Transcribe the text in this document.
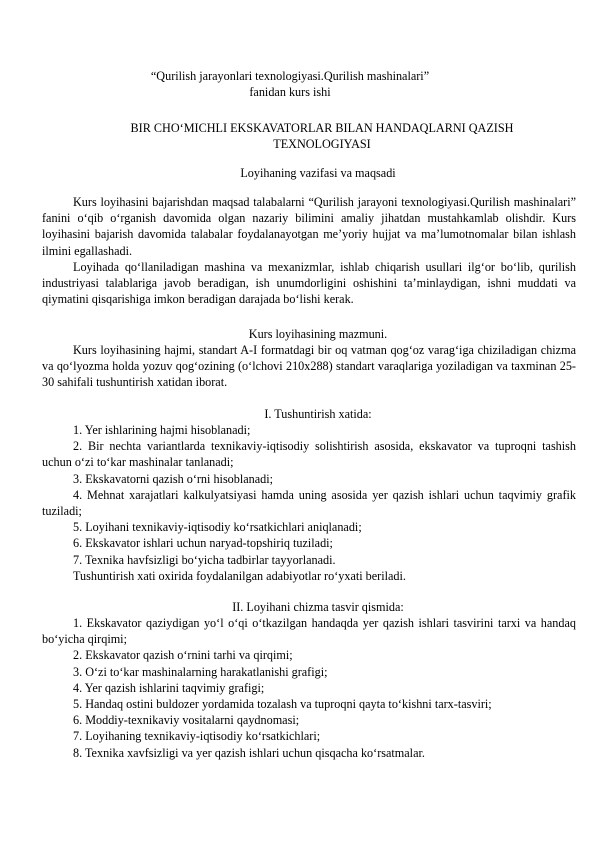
“Qurilish jarayonlari texnologiyasi.Qurilish mashinalari”

fanidan kurs ishi

BIR CHO‘MICHLI EKSKAVATORLAR BILAN HANDAQLARNI QAZISH

TEXNOLOGIYASI

Loyihaning vazifasi va maqsadi

Kurs loyihasini bajarishdan maqsad talabalarni “Qurilish jarayoni texnologiyasi.Qurilish mashinalari” fanini o‘qib o‘rganish davomida olgan nazariy bilimini amaliy jihatdan mustahkamlab olishdir. Kurs loyihasini bajarish davomida talabalar foydalanayotgan me’yoriy hujjat va ma’lumotnomalar bilan ishlash ilmini egallashadi.

Loyihada qo‘llaniladigan mashina va mexanizmlar, ishlab chiqarish usullari ilg‘or bo‘lib, qurilish industriyasi talablariga javob beradigan, ish unumdorligini oshishini ta’minlaydigan, ishni muddati va qiymatini qisqarishiga imkon beradigan darajada bo‘lishi kerak.

Kurs loyihasining mazmuni.

Kurs loyihasining hajmi, standart A-I formatdagi bir oq vatman qog‘oz varag‘iga chiziladigan chizma va qo‘lyozma holda yozuv qog‘ozining (o‘lchovi 210x288) standart varaqlariga yoziladigan va taxminan 25-30 sahifali tushuntirish xatidan iborat.

I. Tushuntirish xatida:

1. Yer ishlarining hajmi hisoblanadi;

2. Bir nechta variantlarda texnikaviy-iqtisodiy solishtirish asosida, ekskavator va tuproqni tashish uchun o‘zi to‘kar mashinalar tanlanadi;

3. Ekskavatorni qazish o‘rni hisoblanadi;

4. Mehnat xarajatlari kalkulyatsiyasi hamda uning asosida yer qazish ishlari uchun taqvimiy grafik tuziladi;

5. Loyihani texnikaviy-iqtisodiy ko‘rsatkichlari aniqlanadi;

6. Ekskavator ishlari uchun naryad-topshiriq tuziladi;

7. Texnika havfsizligi bo‘yicha tadbirlar tayyorlanadi.

Tushuntirish xati oxirida foydalanilgan adabiyotlar ro‘yxati beriladi.

II. Loyihani chizma tasvir qismida:

1. Ekskavator qaziydigan yo‘l o‘qi o‘tkazilgan handaqda yer qazish ishlari tasvirini tarxi va handaq bo‘yicha qirqimi;

2. Ekskavator qazish o‘rnini tarhi va qirqimi;

3. O‘zi to‘kar mashinalarning harakatlanishi grafigi;

4. Yer qazish ishlarini taqvimiy grafigi;

5. Handaq ostini buldozer yordamida tozalash va tuproqni qayta to‘kishni tarx-tasviri;

6. Moddiy-texnikaviy vositalarni qaydnomasi;

7. Loyihaning texnikaviy-iqtisodiy ko‘rsatkichlari;

8. Texnika xavfsizligi va yer qazish ishlari uchun qisqacha ko‘rsatmalar.
